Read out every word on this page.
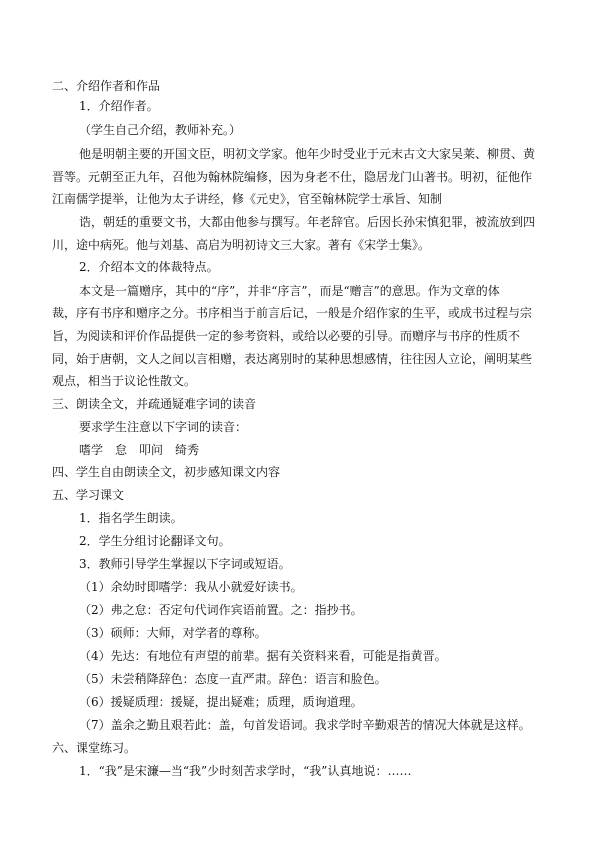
二、介绍作者和作品
1．介绍作者。
（学生自己介绍，教师补充。）
他是明朝主要的开国文臣，明初文学家。他年少时受业于元末古文大家吴莱、柳贯、黄
晋等。元朝至正九年，召他为翰林院编修，因为身老不仕，隐居龙门山著书。明初，征他作
江南儒学提举，让他为太子讲经，修《元史》，官至翰林院学士承旨、知制
诰，朝廷的重要文书，大都由他参与撰写。年老辞官。后因长孙宋慎犯罪，被流放到四
川，途中病死。他与刘基、高启为明初诗文三大家。著有《宋学士集》。
2．介绍本文的体裁特点。
本文是一篇赠序，其中的“序”，并非“序言”，而是“赠言”的意思。作为文章的体
裁，序有书序和赠序之分。书序相当于前言后记，一般是介绍作家的生平，或成书过程与宗
旨，为阅读和评价作品提供一定的参考资料，或给以必要的引导。而赠序与书序的性质不
同，始于唐朝，文人之间以言相赠，表达离别时的某种思想感情，往往因人立论，阐明某些
观点，相当于议论性散文。
三、朗读全文，并疏通疑难字词的读音
要求学生注意以下字词的读音：
嗜学　怠　叩问　绮秀
四、学生自由朗读全文，初步感知课文内容
五、学习课文
1．指名学生朗读。
2．学生分组讨论翻译文句。
3．教师引导学生掌握以下字词或短语。
（1）余幼时即嗜学：我从小就爱好读书。
（2）弗之怠：否定句代词作宾语前置。之：指抄书。
（3）硕师：大师，对学者的尊称。
（4）先达：有地位有声望的前辈。据有关资料来看，可能是指黄晋。
（5）未尝稍降辞色：态度一直严肃。辞色：语言和脸色。
（6）援疑质理：援疑，提出疑难；质理，质询道理。
（7）盖余之勤且艰若此：盖，句首发语词。我求学时辛勤艰苦的情况大体就是这样。
六、课堂练习。
1．“我”是宋濂—当“我”少时刻苦求学时，“我”认真地说：……
